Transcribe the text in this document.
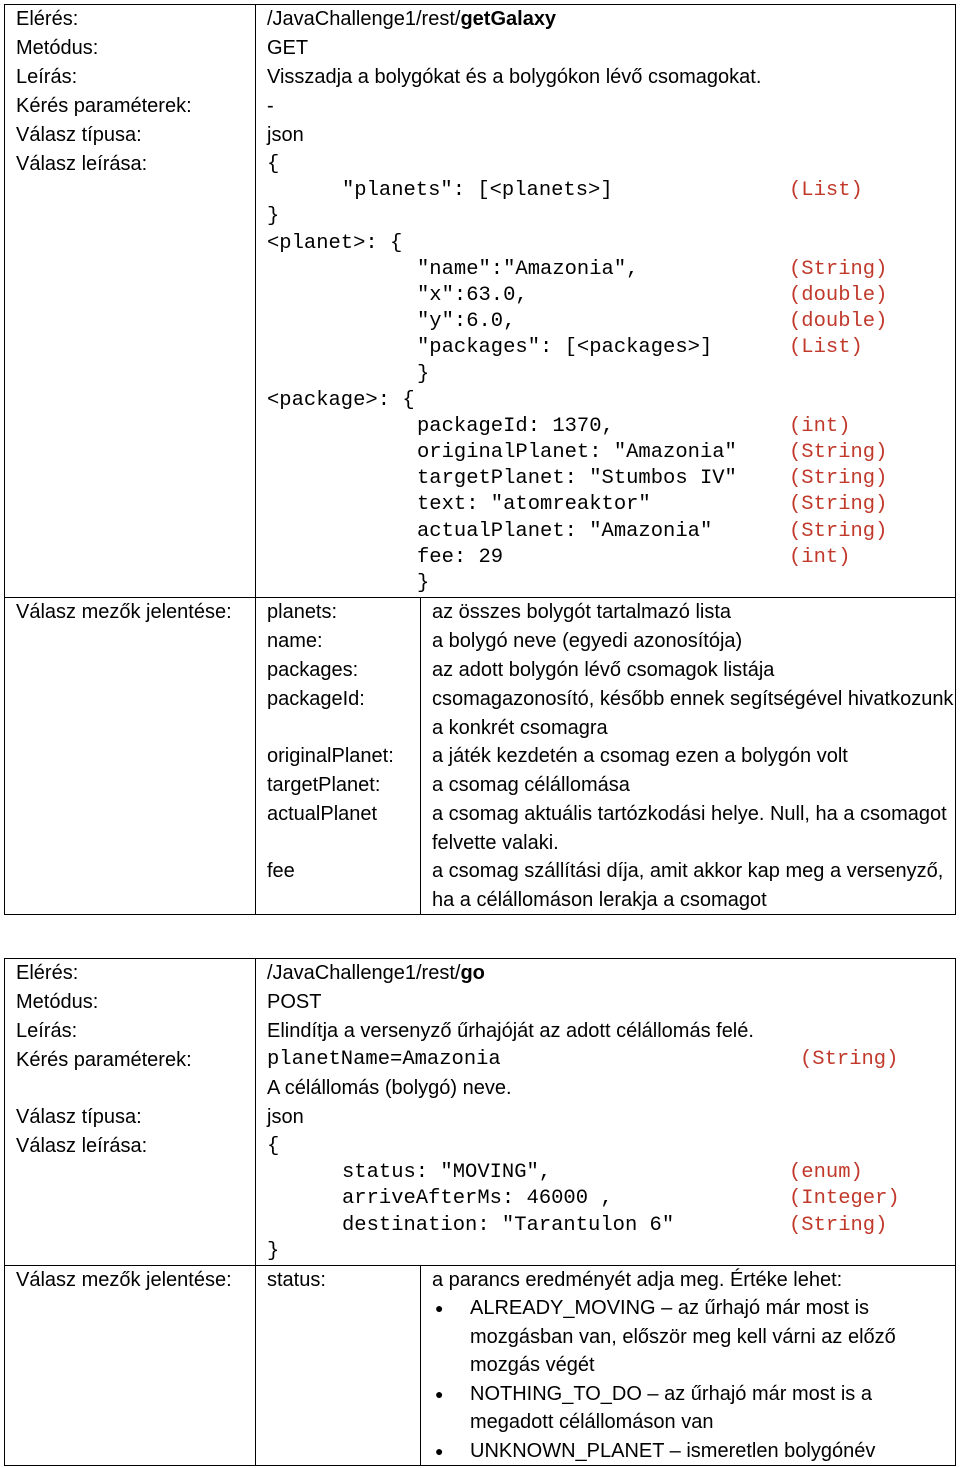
Elérés:	/JavaChallenge1/rest/getGalaxy
Metódus:	GET
Leírás:	Visszadja a bolygókat és a bolygókon lévő csomagokat.
Kérés paraméterek:	-
Válasz típusa:	json
Válasz leírása:	{
"planets": [<planets>]	(List)
}
<planet>: {
"name":"Amazonia",	(String)
"x":63.0,	(double)
"y":6.0,	(double)
"packages": [<packages>]	(List)
}
<package>: {
packageId: 1370,	(int)
originalPlanet: "Amazonia"	(String)
targetPlanet: "Stumbos IV"	(String)
text: "atomreaktor"	(String)
actualPlanet: "Amazonia"	(String)
fee: 29	(int)
}
Válasz mezők jelentése:	planets:	az összes bolygót tartalmazó lista
name:	a bolygó neve (egyedi azonosítója)
packages:	az adott bolygón lévő csomagok listája
packageId:	csomagazonosító, később ennek segítségével hivatkozunk a konkrét csomagra
originalPlanet:	a játék kezdetén a csomag ezen a bolygón volt
targetPlanet:	a csomag célállomása
actualPlanet	a csomag aktuális tartózkodási helye. Null, ha a csomagot felvette valaki.
fee	a csomag szállítási díja, amit akkor kap meg a versenyző, ha a célállomáson lerakja a csomagot
Elérés:	/JavaChallenge1/rest/go
Metódus:	POST
Leírás:	Elindítja a versenyző űrhajóját az adott célállomás felé.
Kérés paraméterek:	planetName=Amazonia	(String)
A célállomás (bolygó) neve.
Válasz típusa:	json
Válasz leírása:	{
status: "MOVING",	(enum)
arriveAfterMs: 46000 ,	(Integer)
destination: "Tarantulon 6"	(String)
}
Válasz mezők jelentése:	status:	a parancs eredményét adja meg. Értéke lehet:
● ALREADY_MOVING – az űrhajó már most is mozgásban van, először meg kell várni az előző mozgás végét
● NOTHING_TO_DO – az űrhajó már most is a megadott célállomáson van
● UNKNOWN_PLANET – ismeretlen bolygónév
